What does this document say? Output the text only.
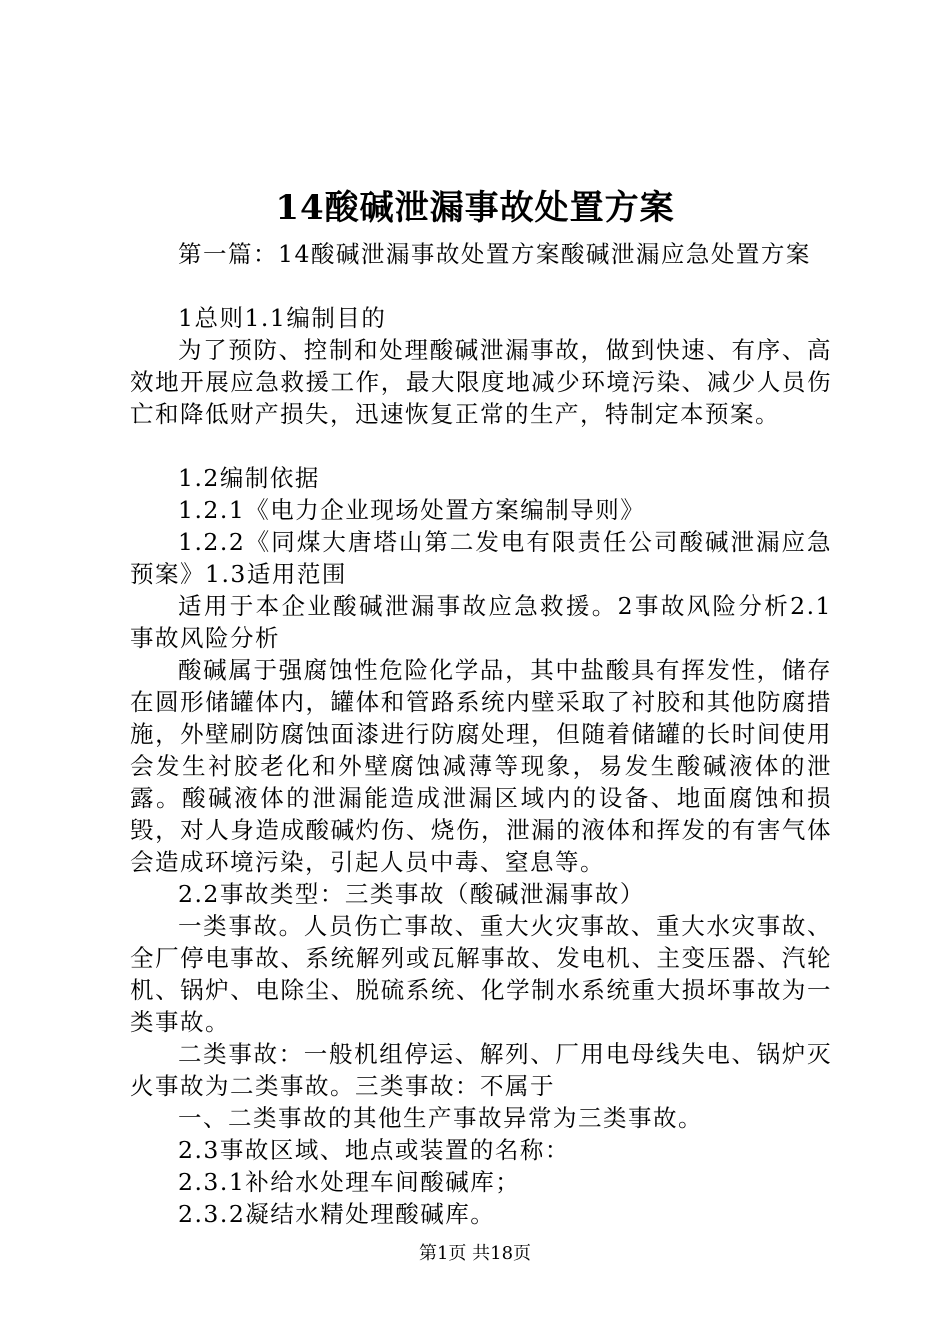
14酸碱泄漏事故处置方案

第一篇：14酸碱泄漏事故处置方案酸碱泄漏应急处置方案

1总则1.1编制目的

为了预防、控制和处理酸碱泄漏事故，做到快速、有序、高效地开展应急救援工作，最大限度地减少环境污染、减少人员伤亡和降低财产损失，迅速恢复正常的生产，特制定本预案。

1.2编制依据

1.2.1《电力企业现场处置方案编制导则》

1.2.2《同煤大唐塔山第二发电有限责任公司酸碱泄漏应急预案》1.3适用范围

适用于本企业酸碱泄漏事故应急救援。2事故风险分析2.1事故风险分析

酸碱属于强腐蚀性危险化学品，其中盐酸具有挥发性，储存在圆形储罐体内，罐体和管路系统内壁采取了衬胶和其他防腐措施，外壁刷防腐蚀面漆进行防腐处理，但随着储罐的长时间使用会发生衬胶老化和外壁腐蚀减薄等现象，易发生酸碱液体的泄露。酸碱液体的泄漏能造成泄漏区域内的设备、地面腐蚀和损毁，对人身造成酸碱灼伤、烧伤，泄漏的液体和挥发的有害气体会造成环境污染，引起人员中毒、窒息等。

2.2事故类型：三类事故（酸碱泄漏事故）

一类事故。人员伤亡事故、重大火灾事故、重大水灾事故、全厂停电事故、系统解列或瓦解事故、发电机、主变压器、汽轮机、锅炉、电除尘、脱硫系统、化学制水系统重大损坏事故为一类事故。

二类事故：一般机组停运、解列、厂用电母线失电、锅炉灭火事故为二类事故。三类事故：不属于

一、二类事故的其他生产事故异常为三类事故。

2.3事故区域、地点或装置的名称：

2.3.1补给水处理车间酸碱库；

2.3.2凝结水精处理酸碱库。

第1页 共18页
